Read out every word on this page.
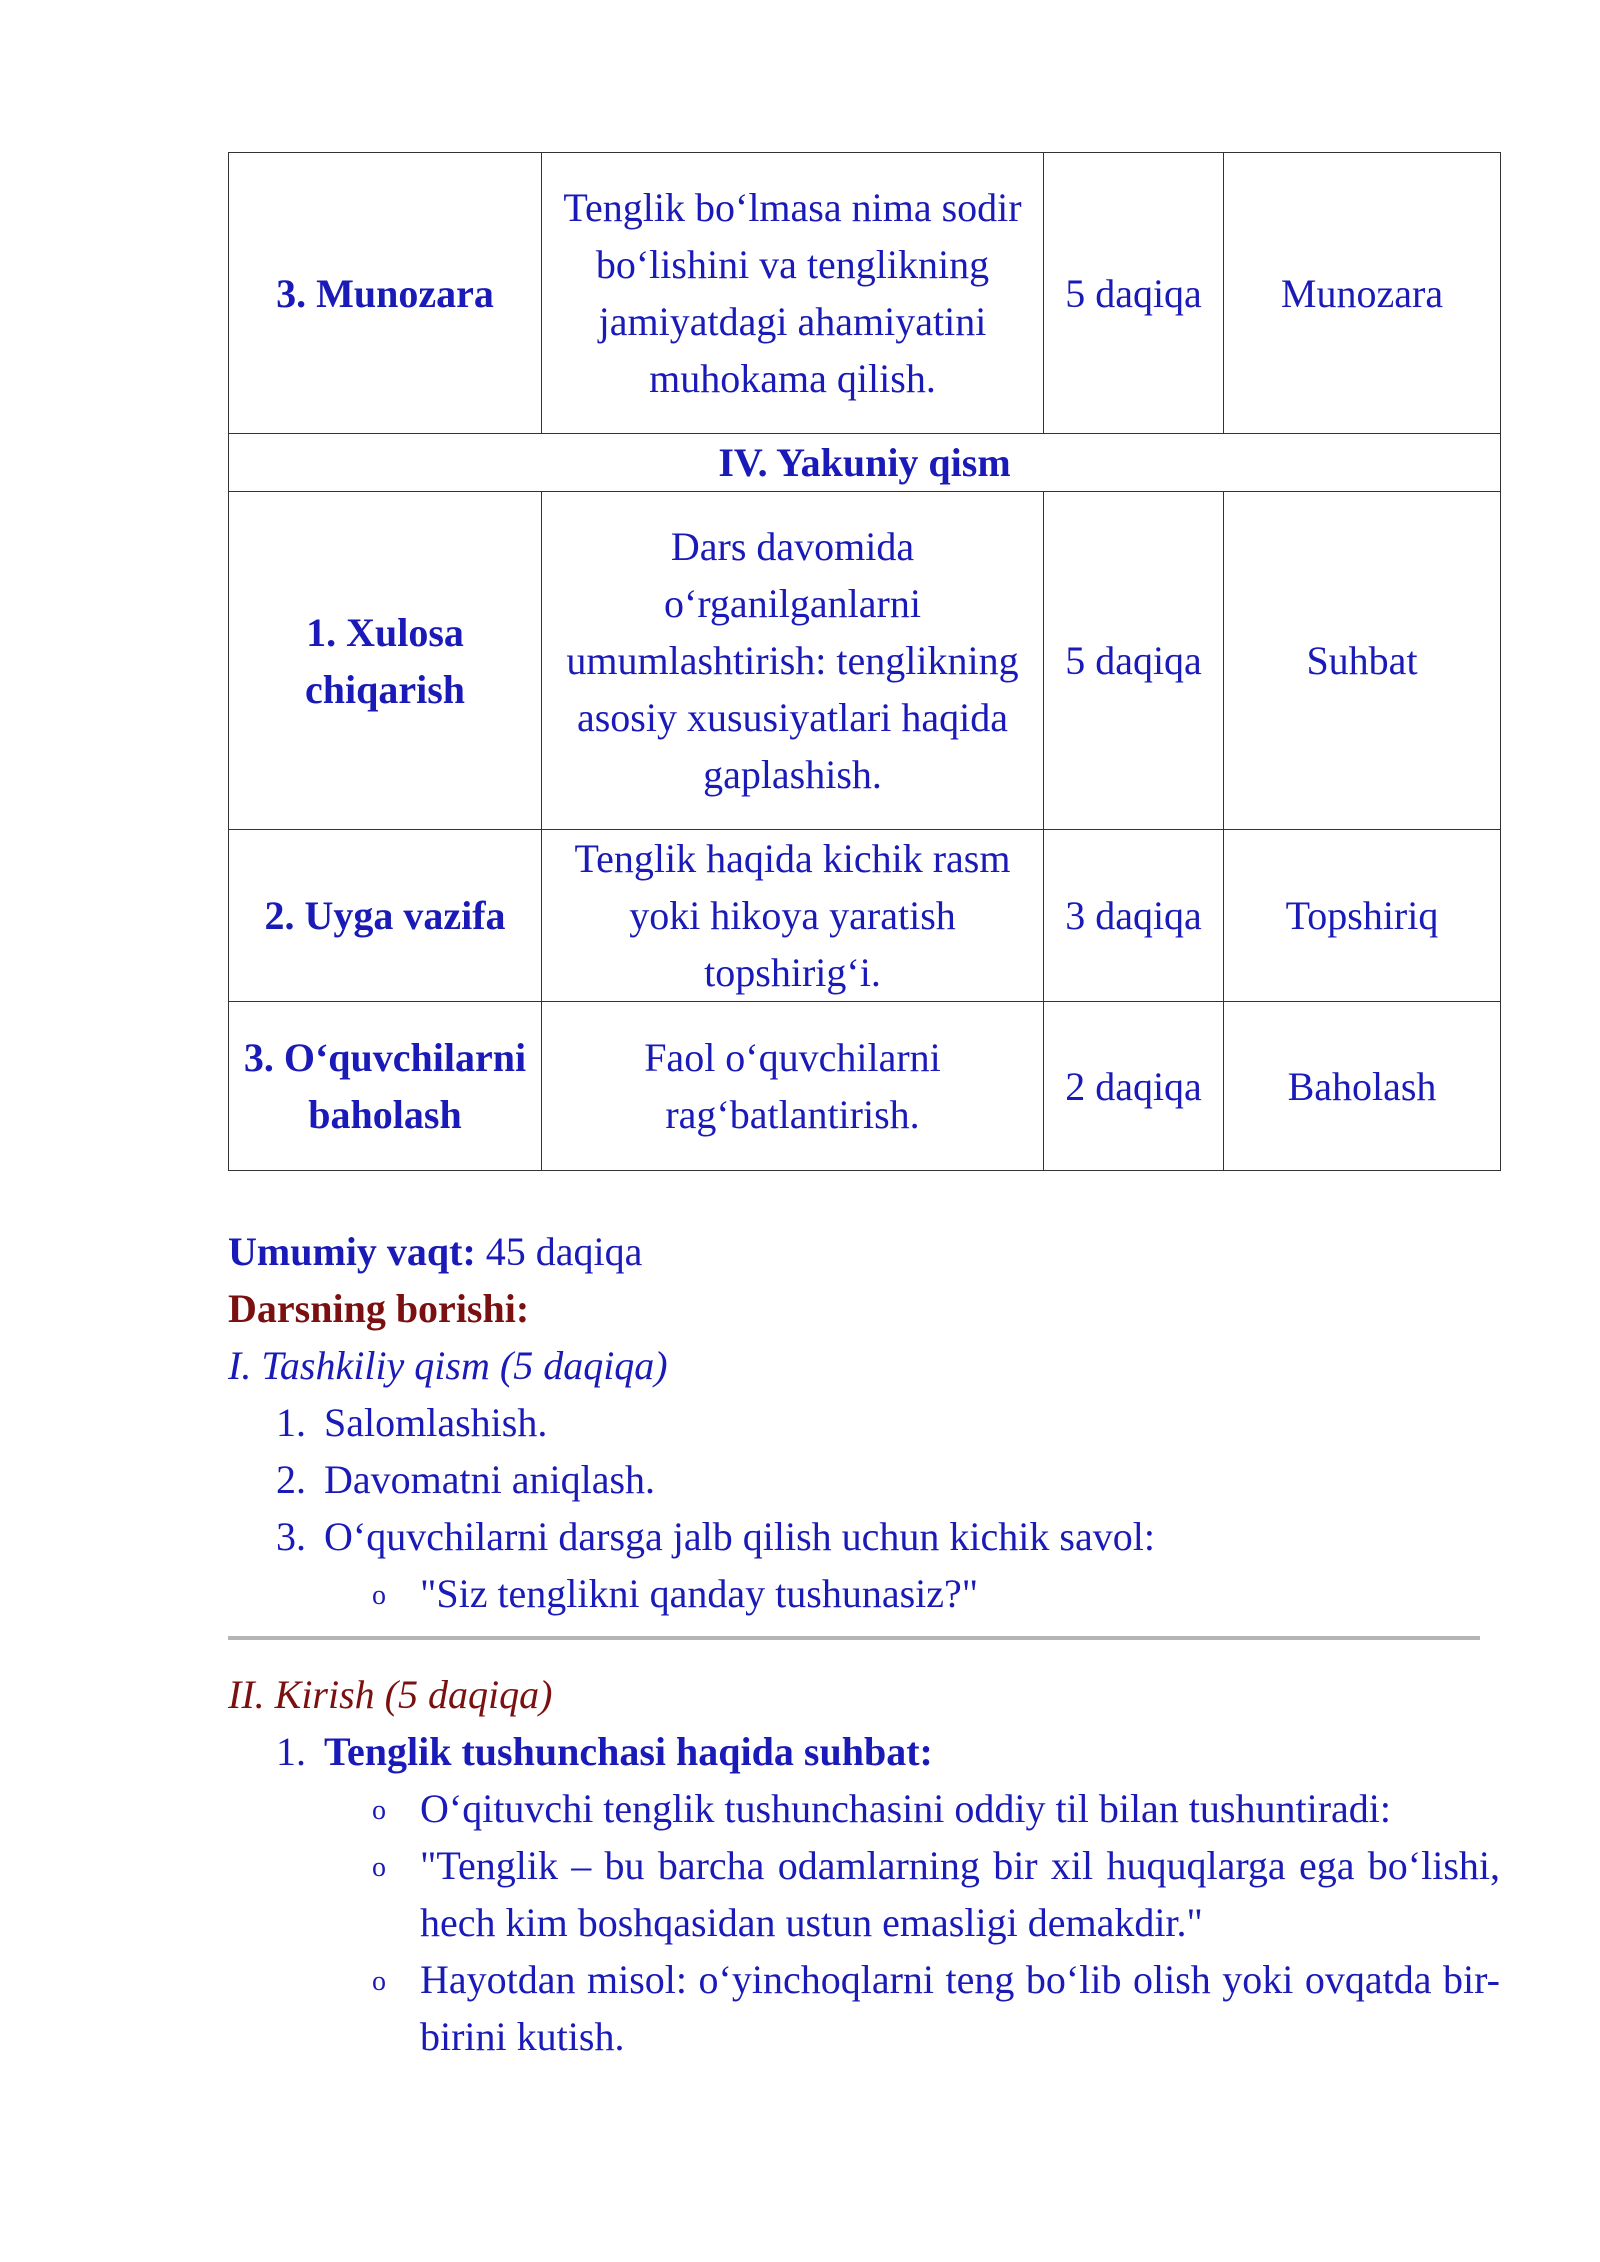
3. Munozara	Tenglik bo‘lmasa nima sodir bo‘lishini va tenglikning jamiyatdagi ahamiyatini muhokama qilish.	5 daqiqa	Munozara
IV. Yakuniy qism			
1. Xulosa chiqarish	Dars davomida o‘rganilganlarni umumlashtirish: tenglikning asosiy xususiyatlari haqida gaplashish.	5 daqiqa	Suhbat
2. Uyga vazifa	Tenglik haqida kichik rasm yoki hikoya yaratish topshirig‘i.	3 daqiqa	Topshiriq
3. O‘quvchilarni baholash	Faol o‘quvchilarni rag‘batlantirish.	2 daqiqa	Baholash

Umumiy vaqt: 45 daqiqa

Darsning borishi:

I. Tashkiliy qism (5 daqiqa)

1. Salomlashish.
2. Davomatni aniqlash.
3. O‘quvchilarni darsga jalb qilish uchun kichik savol:
o "Siz tenglikni qanday tushunasiz?"

II. Kirish (5 daqiqa)

1. Tenglik tushunchasi haqida suhbat:
o O‘qituvchi tenglik tushunchasini oddiy til bilan tushuntiradi:
o "Tenglik – bu barcha odamlarning bir xil huquqlarga ega bo‘lishi, hech kim boshqasidan ustun emasligi demakdir."
o Hayotdan misol: o‘yinchoqlarni teng bo‘lib olish yoki ovqatda bir-birini kutish.
